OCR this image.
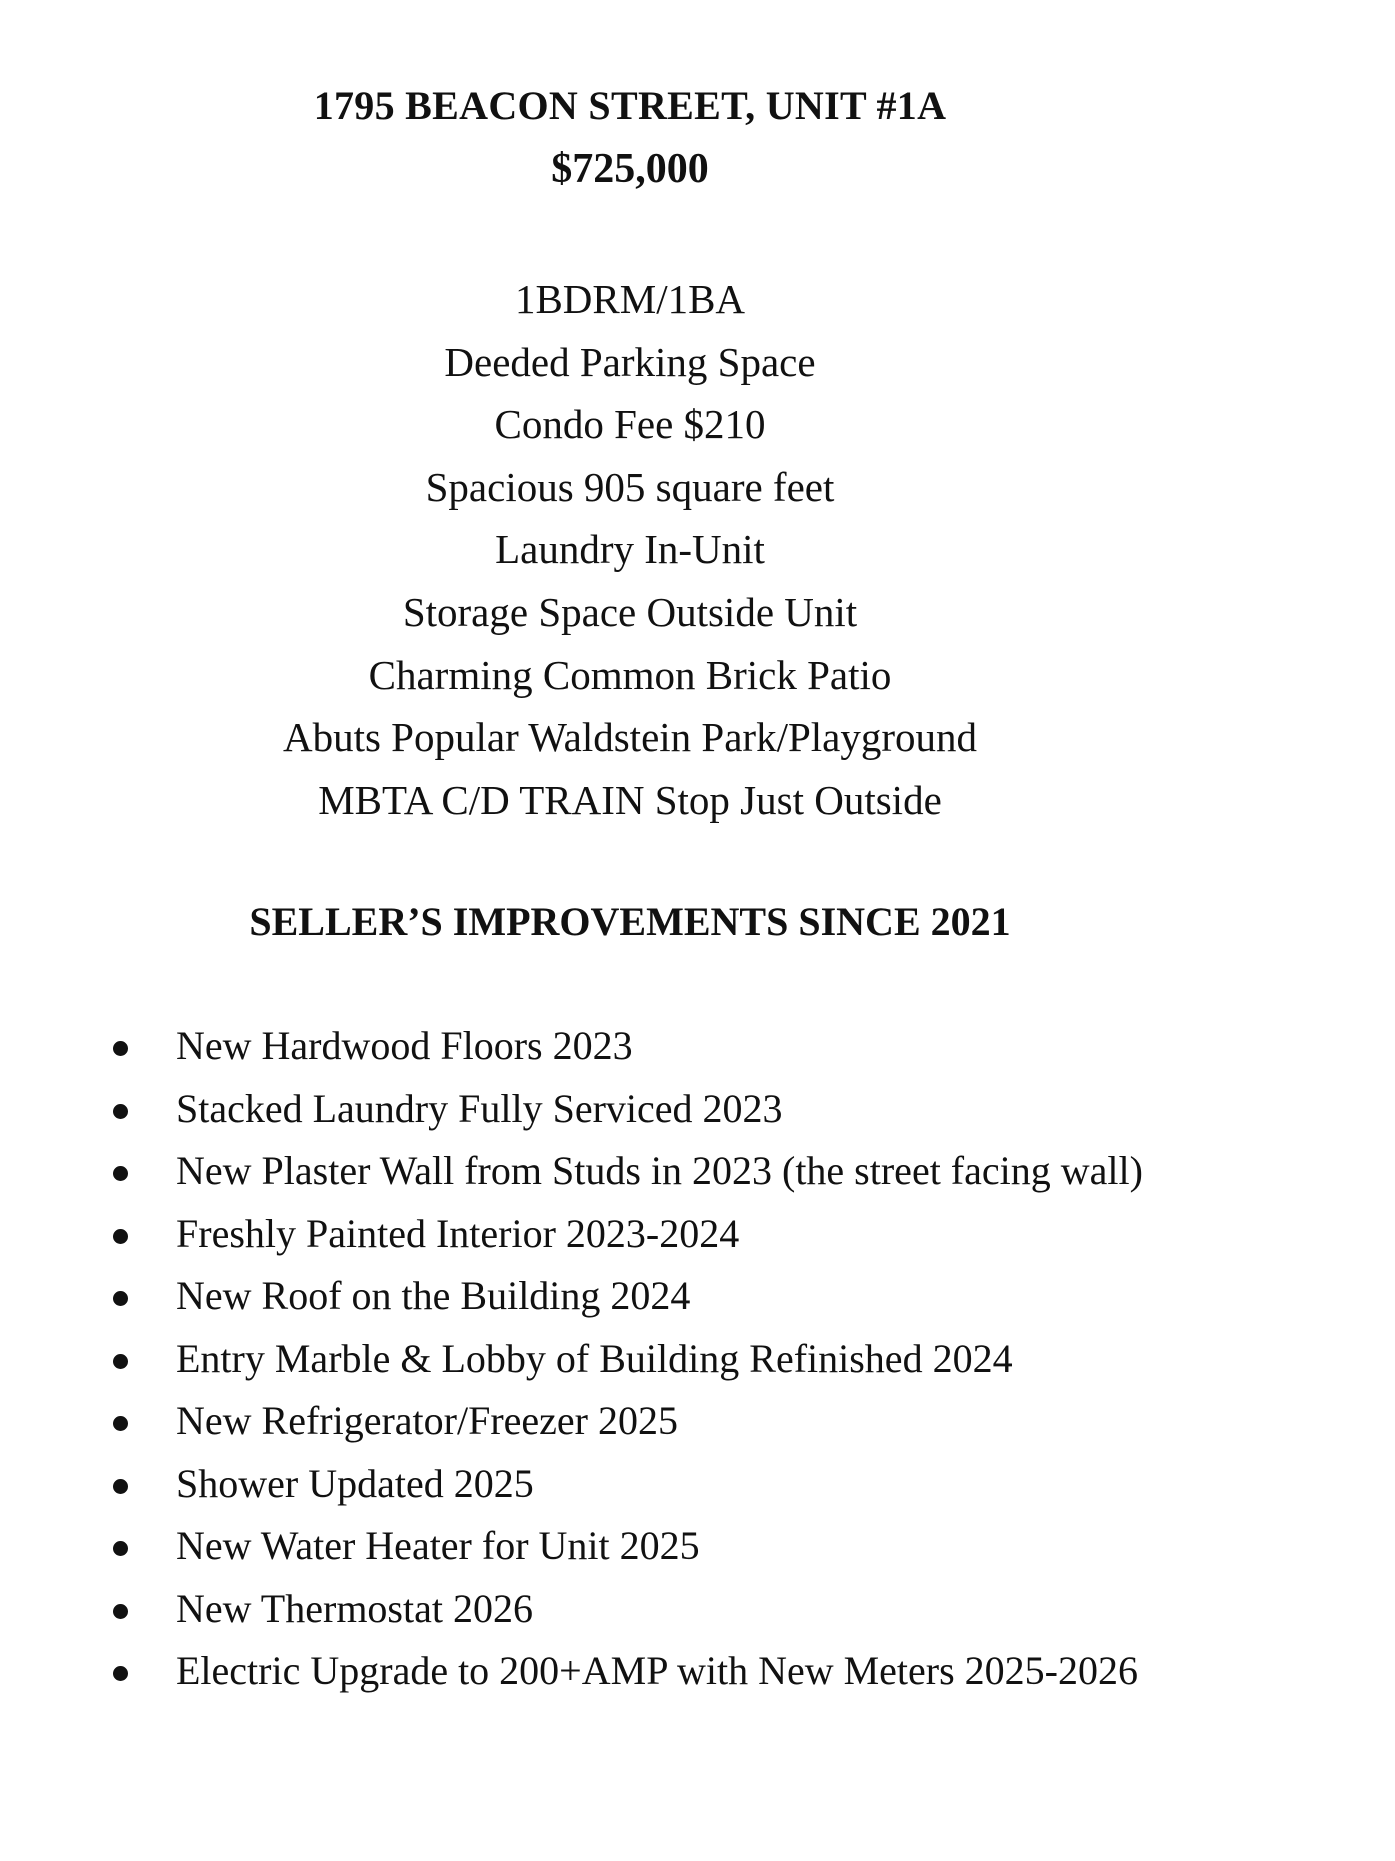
1795 BEACON STREET, UNIT #1A
$725,000
1BDRM/1BA
Deeded Parking Space
Condo Fee $210
Spacious 905 square feet
Laundry In-Unit
Storage Space Outside Unit
Charming Common Brick Patio
Abuts Popular Waldstein Park/Playground
MBTA C/D TRAIN Stop Just Outside
SELLER’S IMPROVEMENTS SINCE 2021
New Hardwood Floors 2023
Stacked Laundry Fully Serviced 2023
New Plaster Wall from Studs in 2023 (the street facing wall)
Freshly Painted Interior 2023-2024
New Roof on the Building 2024
Entry Marble & Lobby of Building Refinished 2024
New Refrigerator/Freezer 2025
Shower Updated 2025
New Water Heater for Unit 2025
New Thermostat 2026
Electric Upgrade to 200+AMP with New Meters 2025-2026
